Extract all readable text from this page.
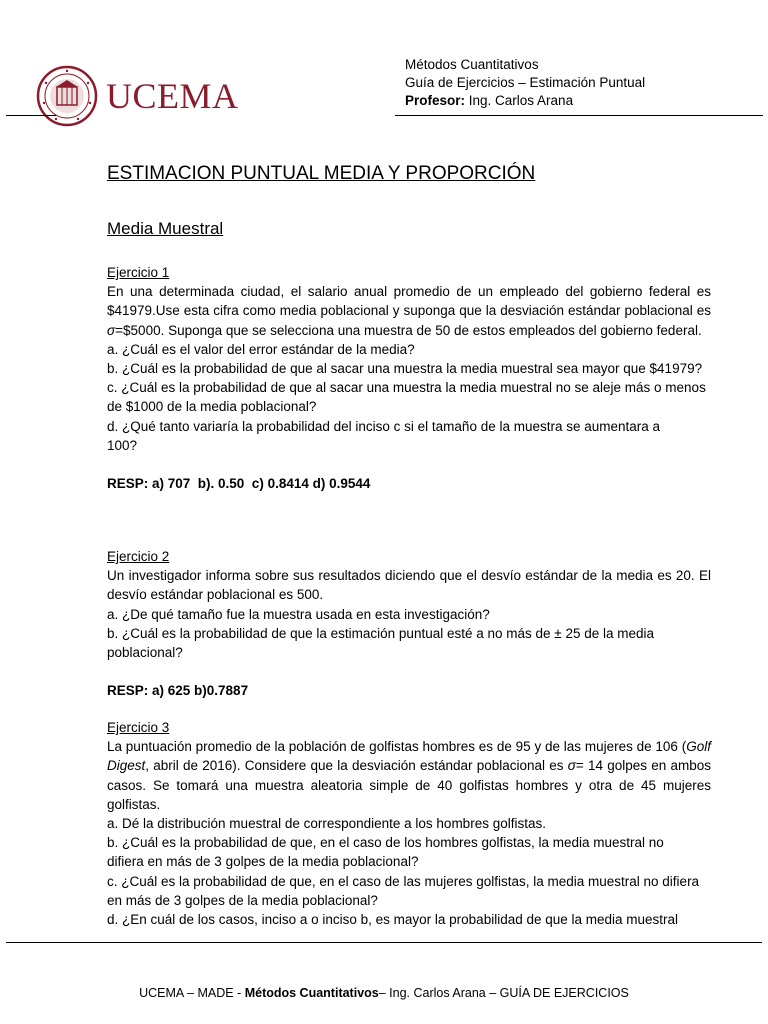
UCEMA
Métodos Cuantitativos
Guía de Ejercicios – Estimación Puntual
Profesor: Ing. Carlos Arana
ESTIMACION PUNTUAL MEDIA Y PROPORCIÓN
Media Muestral
Ejercicio 1

En una determinada ciudad, el salario anual promedio de un empleado del gobierno federal es $41979.Use esta cifra como media poblacional y suponga que la desviación estándar poblacional es σ=$5000. Suponga que se selecciona una muestra de 50 de estos empleados del gobierno federal.

a. ¿Cuál es el valor del error estándar de la media?
b. ¿Cuál es la probabilidad de que al sacar una muestra la media muestral sea mayor que $41979?
c. ¿Cuál es la probabilidad de que al sacar una muestra la media muestral no se aleje más o menos de $1000 de la media poblacional?
d. ¿Qué tanto variaría la probabilidad del inciso c si el tamaño de la muestra se aumentara a
100?
RESP: a) 707  b). 0.50  c) 0.8414 d) 0.9544
Ejercicio 2

Un investigador informa sobre sus resultados diciendo que el desvío estándar de la media es 20. El desvío estándar poblacional es 500.

a. ¿De qué tamaño fue la muestra usada en esta investigación?
b. ¿Cuál es la probabilidad de que la estimación puntual esté a no más de ± 25 de la media
poblacional?
RESP: a) 625 b)0.7887
Ejercicio 3

La puntuación promedio de la población de golfistas hombres es de 95 y de las mujeres de 106 (Golf Digest, abril de 2016). Considere que la desviación estándar poblacional es σ= 14 golpes en ambos casos. Se tomará una muestra aleatoria simple de 40 golfistas hombres y otra de 45 mujeres golfistas.

a. Dé la distribución muestral de correspondiente a los hombres golfistas.
b. ¿Cuál es la probabilidad de que, en el caso de los hombres golfistas, la media muestral no
difiera en más de 3 golpes de la media poblacional?
c. ¿Cuál es la probabilidad de que, en el caso de las mujeres golfistas, la media muestral no difiera
en más de 3 golpes de la media poblacional?
d. ¿En cuál de los casos, inciso a o inciso b, es mayor la probabilidad de que la media muestral
UCEMA – MADE - Métodos Cuantitativos– Ing. Carlos Arana – GUÍA DE EJERCICIOS
